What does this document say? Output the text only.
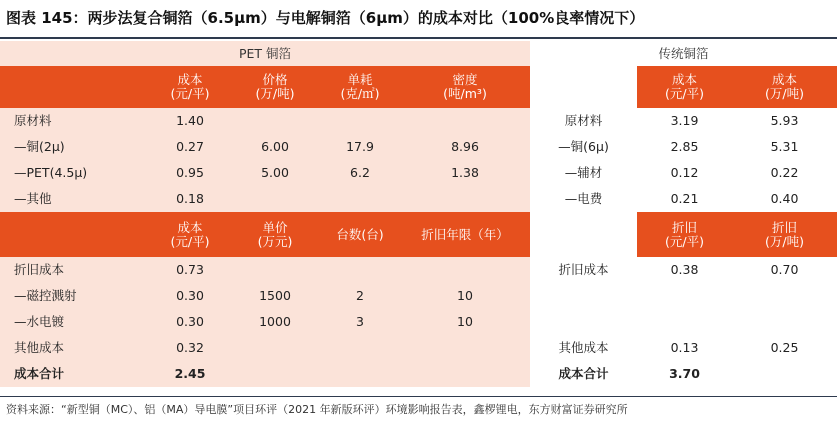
图表 145：两步法复合铜箔（6.5μm）与电解铜箔（6μm）的成本对比（100%良率情况下）
PET 铜箔					传统铜箔		
	成本	价格	单耗	密度		成本	成本
	(元/平)	(万/吨)	(克/㎡)	(吨/m³)		(元/平)	(万/吨)
原材料	1.40				原材料	3.19	5.93
—铜(2μ)	0.27	6.00	17.9	8.96	—铜(6μ)	2.85	5.31
—PET(4.5μ)	0.95	5.00	6.2	1.38	—辅材	0.12	0.22
—其他	0.18				—电费	0.21	0.40
	成本	单价	台数(台)	折旧年限（年）		折旧	折旧
	(元/平)	(万元)				(元/平)	(万/吨)
折旧成本	0.73				折旧成本	0.38	0.70
—磁控溅射	0.30	1500	2	10			
—水电镀	0.30	1000	3	10			
其他成本	0.32				其他成本	0.13	0.25
成本合计	2.45				成本合计	3.70	
资料来源：“新型铜（MC）、铝（MA）导电膜”项目环评（2021 年新版环评）环境影响报告表，鑫椤锂电，东方财富证券研究所
